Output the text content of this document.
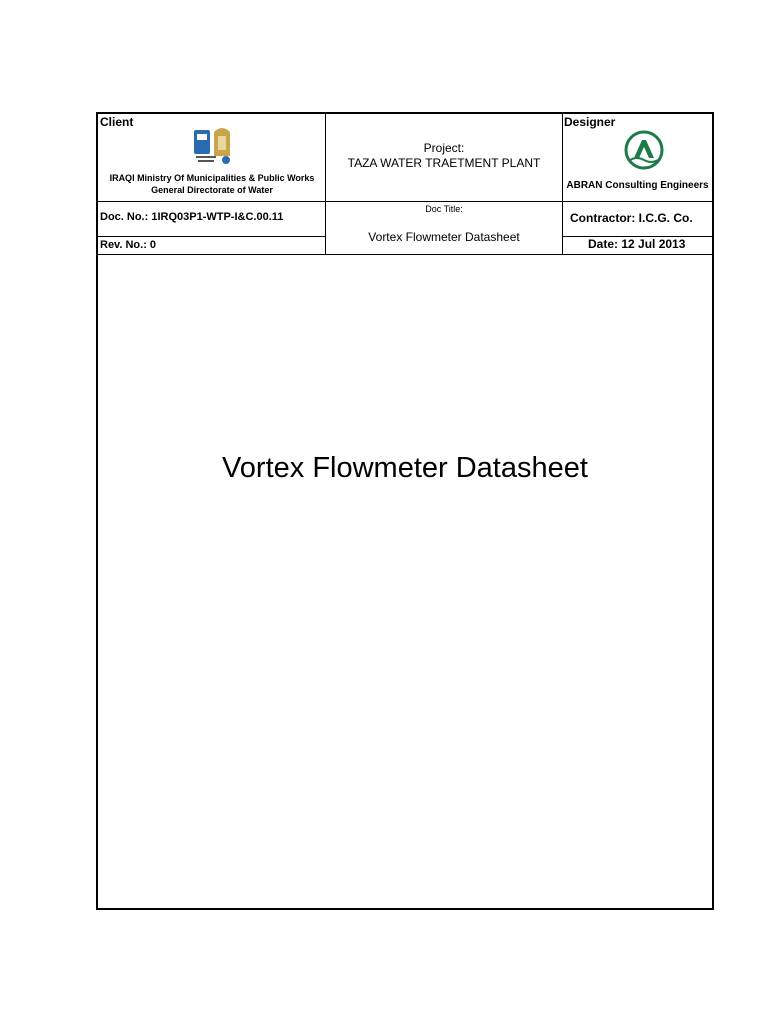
Client
IRAQI Ministry Of Municipalities & Public Works
General Directorate of Water
Project:
TAZA WATER TRAETMENT PLANT
Designer
ABRAN Consulting Engineers
Doc. No.: 1IRQ03P1-WTP-I&C.00.11
Rev. No.: 0
Doc Title:
Vortex Flowmeter Datasheet
Contractor: I.C.G. Co.
Date: 12 Jul 2013
Vortex Flowmeter Datasheet
